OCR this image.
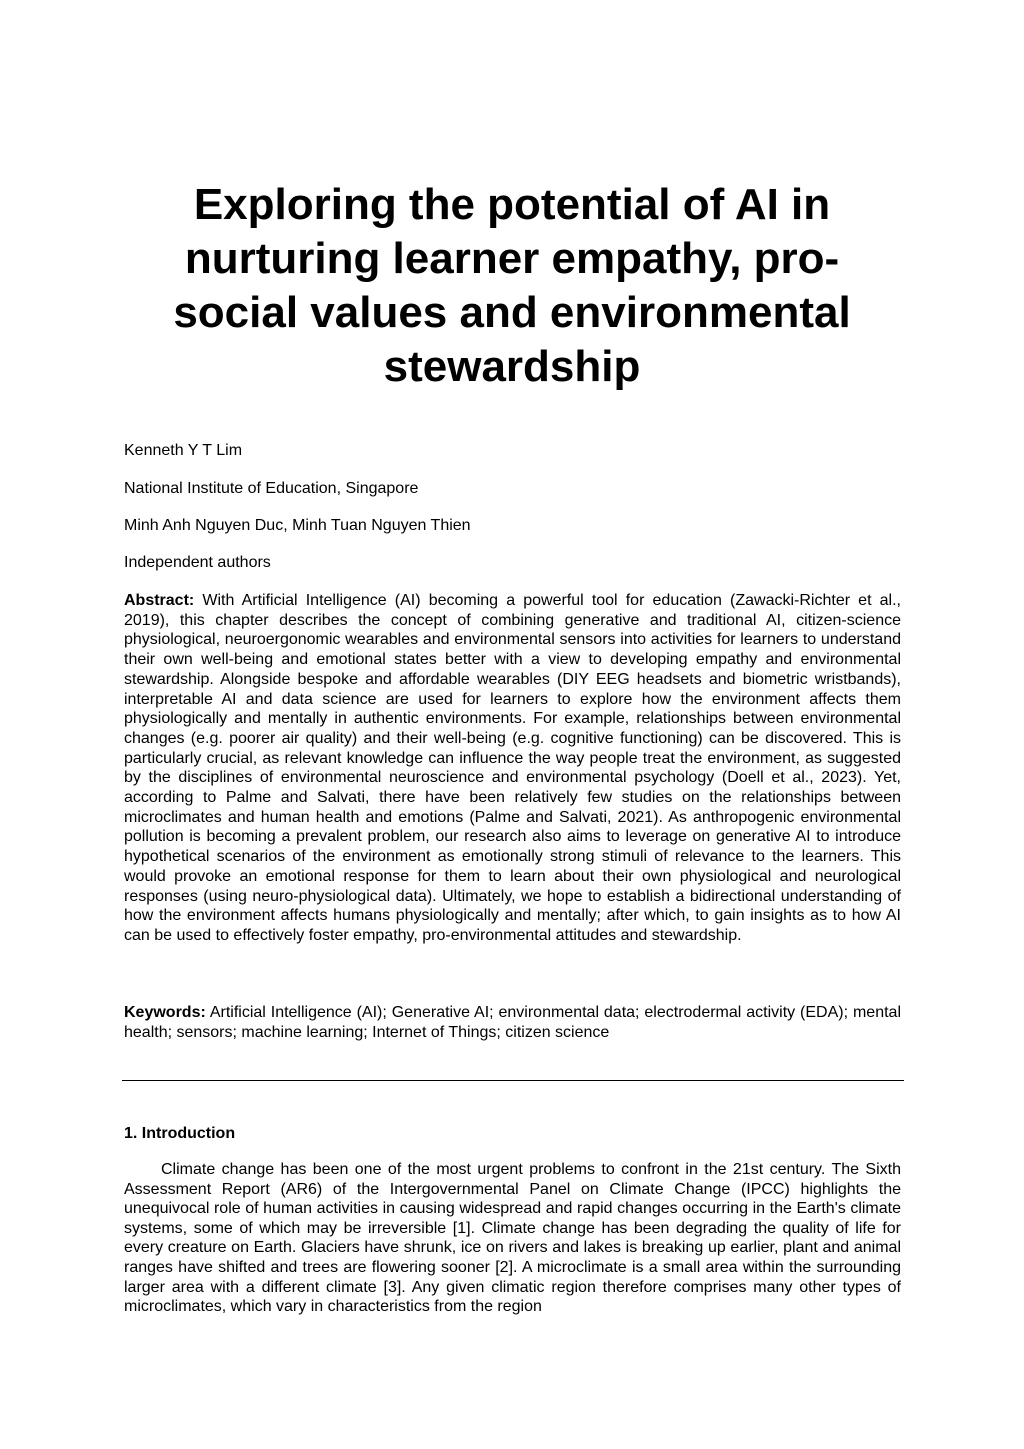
Exploring the potential of AI in nurturing learner empathy, pro-social values and environmental stewardship

Kenneth Y T Lim

National Institute of Education, Singapore

Minh Anh Nguyen Duc, Minh Tuan Nguyen Thien

Independent authors

Abstract: With Artificial Intelligence (AI) becoming a powerful tool for education (Zawacki-Richter et al., 2019), this chapter describes the concept of combining generative and traditional AI, citizen-science physiological, neuroergonomic wearables and environmental sensors into activities for learners to understand their own well-being and emotional states better with a view to developing empathy and environmental stewardship. Alongside bespoke and affordable wearables (DIY EEG headsets and biometric wristbands), interpretable AI and data science are used for learners to explore how the environment affects them physiologically and mentally in authentic environments. For example, relationships between environmental changes (e.g. poorer air quality) and their well-being (e.g. cognitive functioning) can be discovered. This is particularly crucial, as relevant knowledge can influence the way people treat the environment, as suggested by the disciplines of environmental neuroscience and environmental psychology (Doell et al., 2023). Yet, according to Palme and Salvati, there have been relatively few studies on the relationships between microclimates and human health and emotions (Palme and Salvati, 2021). As anthropogenic environmental pollution is becoming a prevalent problem, our research also aims to leverage on generative AI to introduce hypothetical scenarios of the environment as emotionally strong stimuli of relevance to the learners. This would provoke an emotional response for them to learn about their own physiological and neurological responses (using neuro-physiological data). Ultimately, we hope to establish a bidirectional understanding of how the environment affects humans physiologically and mentally; after which, to gain insights as to how AI can be used to effectively foster empathy, pro-environmental attitudes and stewardship.

Keywords: Artificial Intelligence (AI); Generative AI; environmental data; electrodermal activity (EDA); mental health; sensors; machine learning; Internet of Things; citizen science

1. Introduction

Climate change has been one of the most urgent problems to confront in the 21st century. The Sixth Assessment Report (AR6) of the Intergovernmental Panel on Climate Change (IPCC) highlights the unequivocal role of human activities in causing widespread and rapid changes occurring in the Earth's climate systems, some of which may be irreversible [1]. Climate change has been degrading the quality of life for every creature on Earth. Glaciers have shrunk, ice on rivers and lakes is breaking up earlier, plant and animal ranges have shifted and trees are flowering sooner [2]. A microclimate is a small area within the surrounding larger area with a different climate [3]. Any given climatic region therefore comprises many other types of microclimates, which vary in characteristics from the region
